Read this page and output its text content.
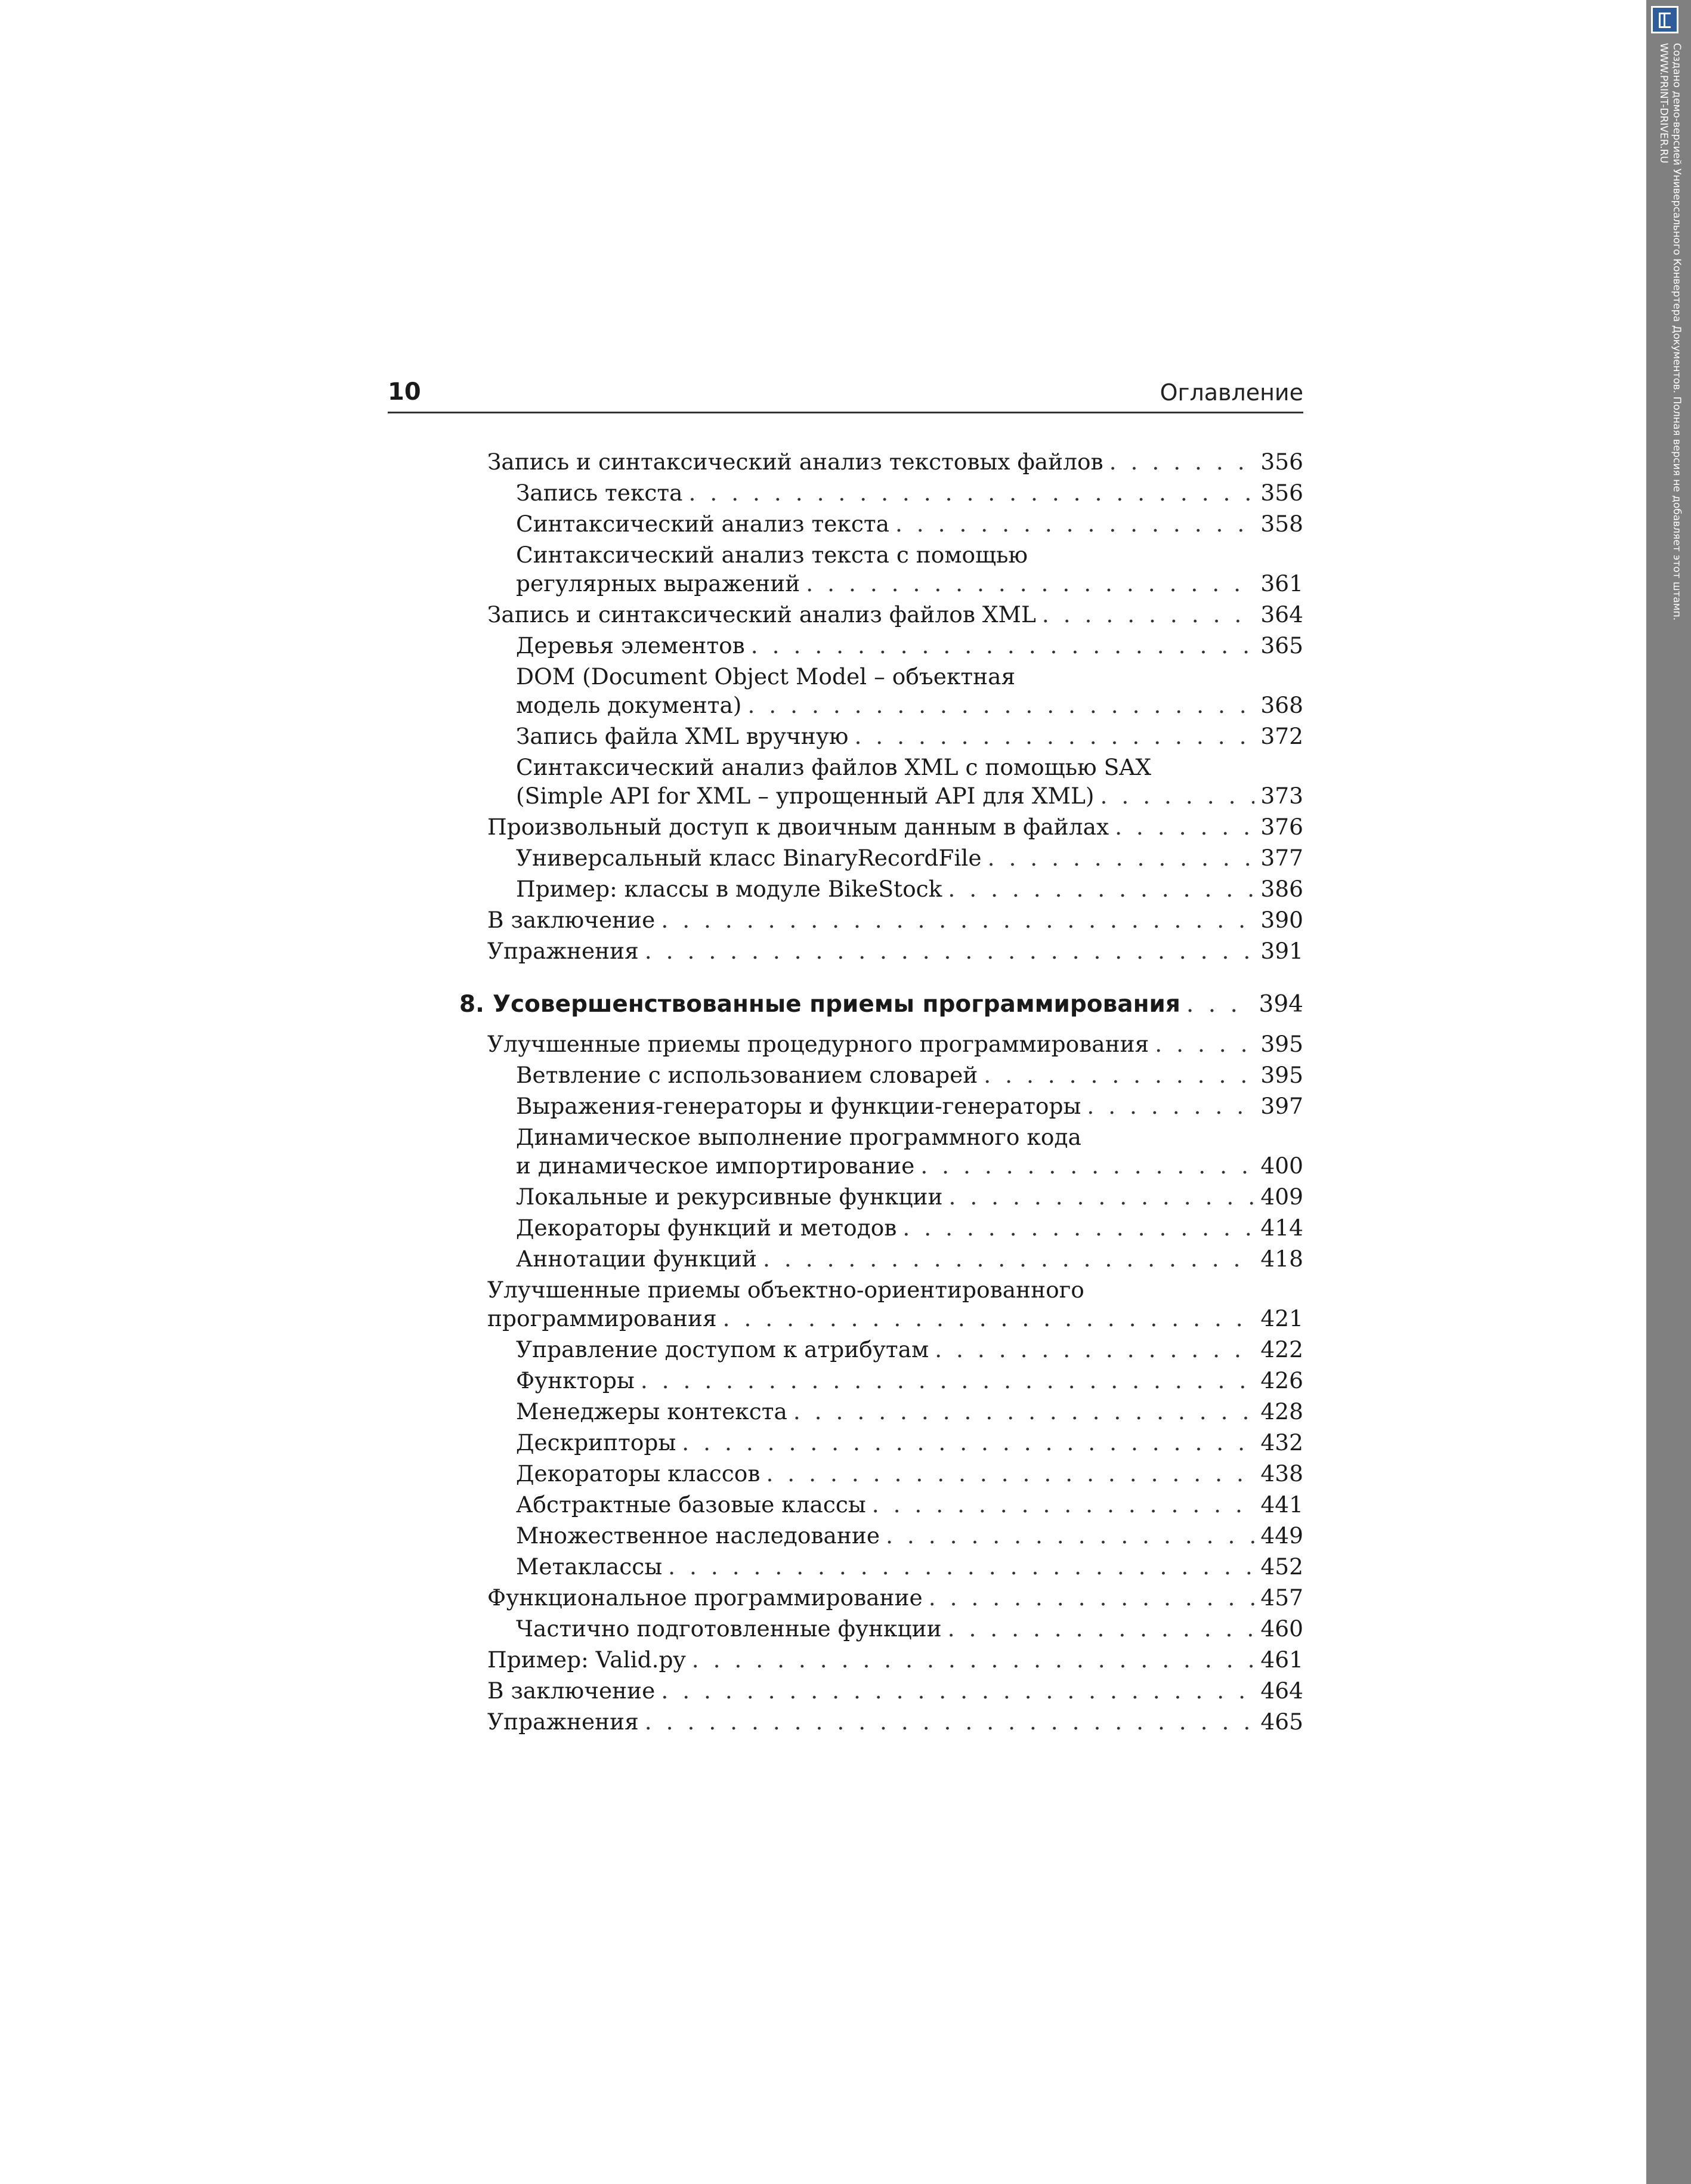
10	Оглавление
Запись и синтаксический анализ текстовых файлов . . .	356
Запись текста . . .	356
Синтаксический анализ текста . . .	358
Синтаксический анализ текста с помощью
регулярных выражений . . .	361
Запись и синтаксический анализ файлов XML . . .	364
Деревья элементов . . .	365
DOM (Document Object Model – объектная
модель документа) . . .	368
Запись файла XML вручную . . .	372
Синтаксический анализ файлов XML с помощью SAX
(Simple API for XML – упрощенный API для XML) . . .	373
Произвольный доступ к двоичным данным в файлах . . .	376
Универсальный класс BinaryRecordFile . . .	377
Пример: классы в модуле BikeStock . . .	386
В заключение . . .	390
Упражнения . . .	391
8. Усовершенствованные приемы программирования . . .	394
Улучшенные приемы процедурного программирования . . .	395
Ветвление с использованием словарей . . .	395
Выражения-генераторы и функции-генераторы . . .	397
Динамическое выполнение программного кода
и динамическое импортирование . . .	400
Локальные и рекурсивные функции . . .	409
Декораторы функций и методов . . .	414
Аннотации функций . . .	418
Улучшенные приемы объектно-ориентированного
программирования . . .	421
Управление доступом к атрибутам . . .	422
Функторы . . .	426
Менеджеры контекста . . .	428
Дескрипторы . . .	432
Декораторы классов . . .	438
Абстрактные базовые классы . . .	441
Множественное наследование . . .	449
Метаклассы . . .	452
Функциональное программирование . . .	457
Частично подготовленные функции . . .	460
Пример: Valid.py . . .	461
В заключение . . .	464
Упражнения . . .	465
Создано демо-версией Универсального Конвертера Документов. Полная версия не добавляет этот штамп.
WWW.PRINT-DRIVER.RU
